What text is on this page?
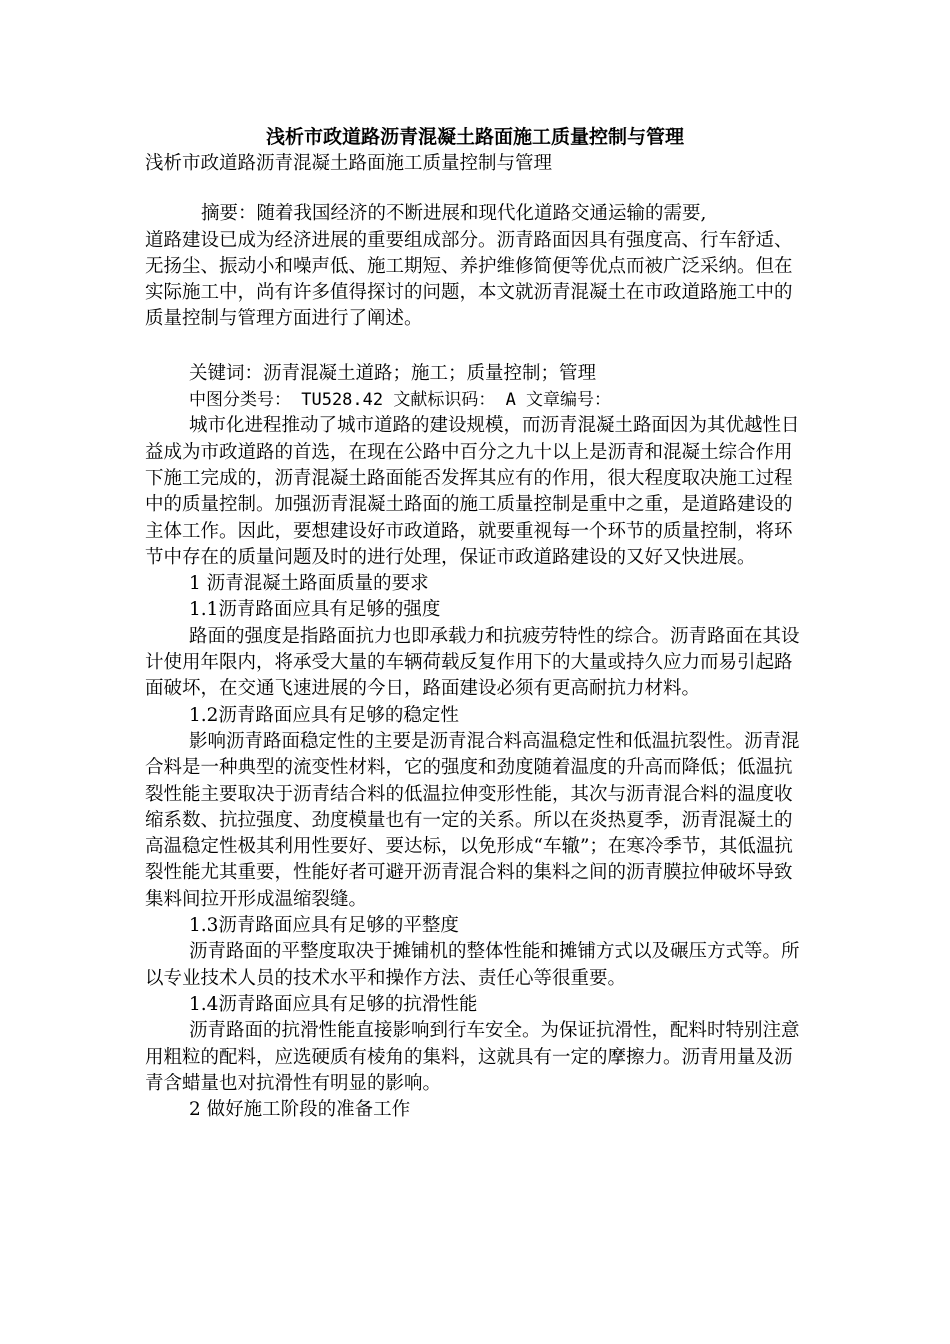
浅析市政道路沥青混凝土路面施工质量控制与管理

浅析市政道路沥青混凝土路面施工质量控制与管理

摘要：随着我国经济的不断进展和现代化道路交通运输的需要,

道路建设已成为经济进展的重要组成部分。沥青路面因具有强度高、行车舒适、无扬尘、振动小和噪声低、施工期短、养护维修简便等优点而被广泛采纳。但在实际施工中，尚有许多值得探讨的问题，本文就沥青混凝土在市政道路施工中的质量控制与管理方面进行了阐述。

关键词：沥青混凝土道路；施工；质量控制；管理

中图分类号： TU528.42 文献标识码： A 文章编号：

城市化进程推动了城市道路的建设规模，而沥青混凝土路面因为其优越性日益成为市政道路的首选，在现在公路中百分之九十以上是沥青和混凝土综合作用下施工完成的，沥青混凝土路面能否发挥其应有的作用，很大程度取决施工过程中的质量控制。加强沥青混凝土路面的施工质量控制是重中之重，是道路建设的主体工作。因此，要想建设好市政道路，就要重视每一个环节的质量控制，将环节中存在的质量问题及时的进行处理，保证市政道路建设的又好又快进展。

1 沥青混凝土路面质量的要求

1.1沥青路面应具有足够的强度

路面的强度是指路面抗力也即承载力和抗疲劳特性的综合。沥青路面在其设计使用年限内，将承受大量的车辆荷载反复作用下的大量或持久应力而易引起路面破坏，在交通飞速进展的今日，路面建设必须有更高耐抗力材料。

1.2沥青路面应具有足够的稳定性

影响沥青路面稳定性的主要是沥青混合料高温稳定性和低温抗裂性。沥青混合料是一种典型的流变性材料，它的强度和劲度随着温度的升高而降低；低温抗裂性能主要取决于沥青结合料的低温拉伸变形性能，其次与沥青混合料的温度收缩系数、抗拉强度、劲度模量也有一定的关系。所以在炎热夏季，沥青混凝土的高温稳定性极其利用性要好、要达标，以免形成“车辙”；在寒冷季节，其低温抗裂性能尤其重要，性能好者可避开沥青混合料的集料之间的沥青膜拉伸破坏导致集料间拉开形成温缩裂缝。

1.3沥青路面应具有足够的平整度

沥青路面的平整度取决于摊铺机的整体性能和摊铺方式以及碾压方式等。所以专业技术人员的技术水平和操作方法、责任心等很重要。

1.4沥青路面应具有足够的抗滑性能

沥青路面的抗滑性能直接影响到行车安全。为保证抗滑性，配料时特别注意用粗粒的配料，应选硬质有棱角的集料，这就具有一定的摩擦力。沥青用量及沥青含蜡量也对抗滑性有明显的影响。

2 做好施工阶段的准备工作
